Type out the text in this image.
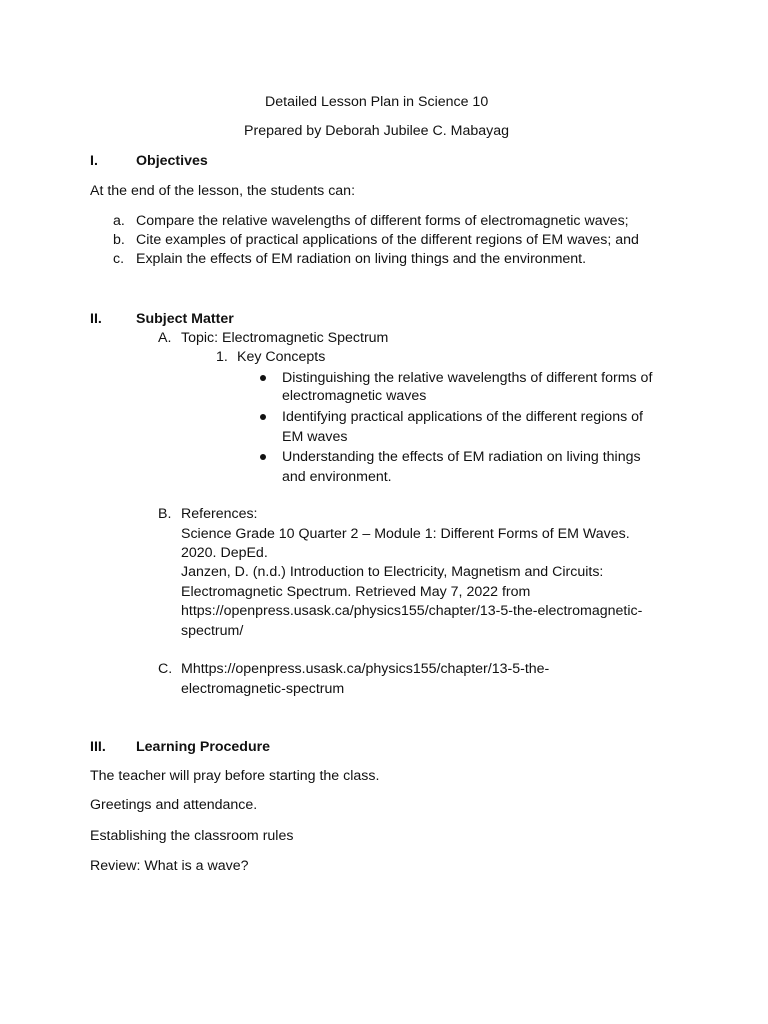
Detailed Lesson Plan in Science 10
Prepared by Deborah Jubilee C. Mabayag
I.	Objectives
At the end of the lesson, the students can:
a. Compare the relative wavelengths of different forms of electromagnetic waves;
b. Cite examples of practical applications of the different regions of EM waves; and
c. Explain the effects of EM radiation on living things and the environment.
II. Subject Matter
A. Topic: Electromagnetic Spectrum
1. Key Concepts
Distinguishing the relative wavelengths of different forms of
electromagnetic waves
Identifying practical applications of the different regions of
EM waves
Understanding the effects of EM radiation on living things
and environment.
B. References:
Science Grade 10 Quarter 2 – Module 1: Different Forms of EM Waves.
2020. DepEd.
Janzen, D. (n.d.) Introduction to Electricity, Magnetism and Circuits:
Electromagnetic Spectrum. Retrieved May 7, 2022 from
https://openpress.usask.ca/physics155/chapter/13-5-the-electromagnetic-
spectrum/
C. Mhttps://openpress.usask.ca/physics155/chapter/13-5-the-
electromagnetic-spectrum
III. Learning Procedure
The teacher will pray before starting the class.
Greetings and attendance.
Establishing the classroom rules
Review: What is a wave?
